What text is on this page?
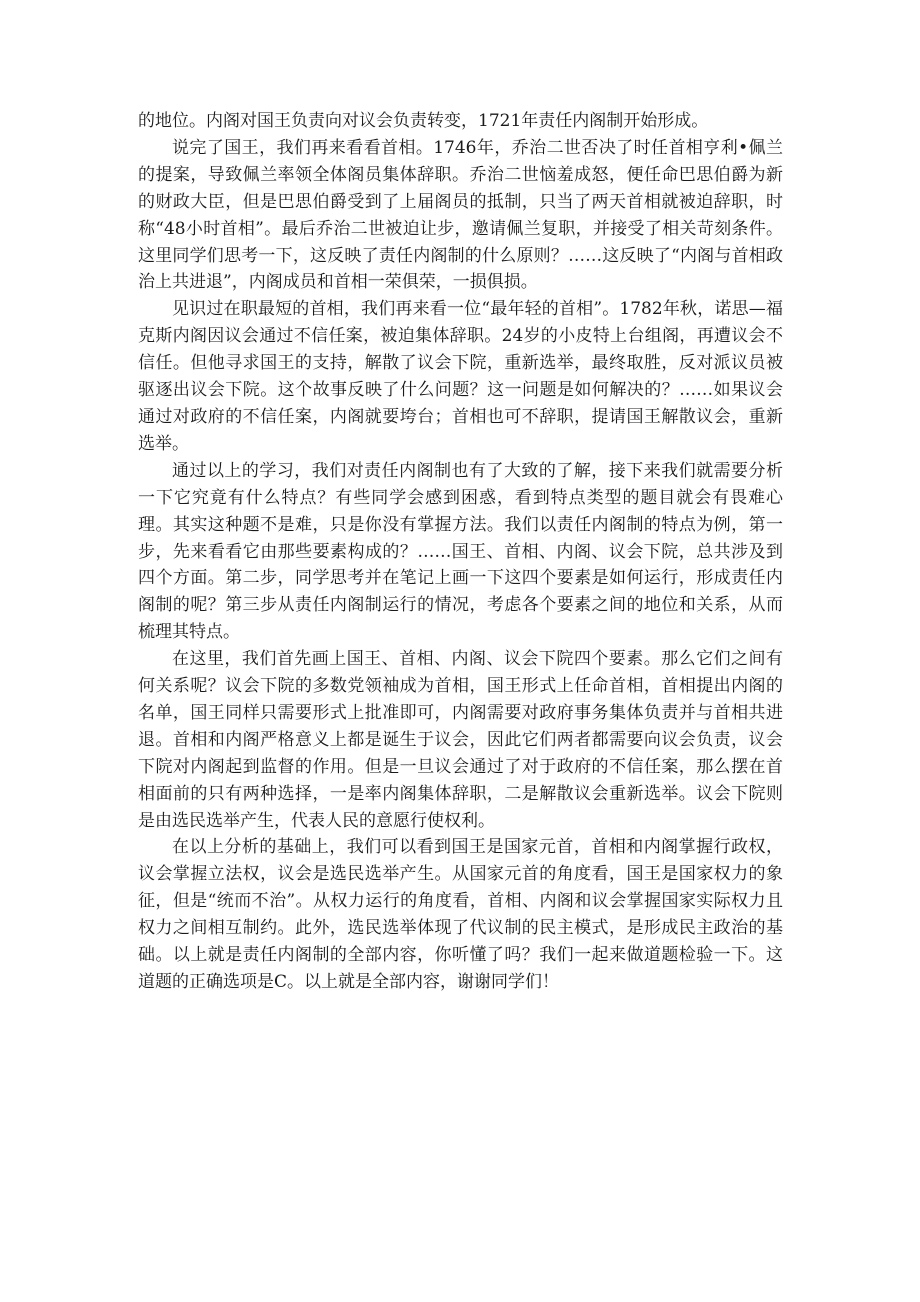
的地位。内阁对国王负责向对议会负责转变，1721年责任内阁制开始形成。

说完了国王，我们再来看看首相。1746年，乔治二世否决了时任首相亨利•佩兰的提案，导致佩兰率领全体阁员集体辞职。乔治二世恼羞成怒，便任命巴思伯爵为新的财政大臣，但是巴思伯爵受到了上届阁员的抵制，只当了两天首相就被迫辞职，时称“48小时首相”。最后乔治二世被迫让步，邀请佩兰复职，并接受了相关苛刻条件。这里同学们思考一下，这反映了责任内阁制的什么原则？……这反映了“内阁与首相政治上共进退”，内阁成员和首相一荣俱荣，一损俱损。

见识过在职最短的首相，我们再来看一位“最年轻的首相”。1782年秋，诺思—福克斯内阁因议会通过不信任案，被迫集体辞职。24岁的小皮特上台组阁，再遭议会不信任。但他寻求国王的支持，解散了议会下院，重新选举，最终取胜，反对派议员被驱逐出议会下院。这个故事反映了什么问题？这一问题是如何解决的？……如果议会通过对政府的不信任案，内阁就要垮台；首相也可不辞职，提请国王解散议会，重新选举。

通过以上的学习，我们对责任内阁制也有了大致的了解，接下来我们就需要分析一下它究竟有什么特点？有些同学会感到困惑，看到特点类型的题目就会有畏难心理。其实这种题不是难，只是你没有掌握方法。我们以责任内阁制的特点为例，第一步，先来看看它由那些要素构成的？……国王、首相、内阁、议会下院，总共涉及到四个方面。第二步，同学思考并在笔记上画一下这四个要素是如何运行，形成责任内阁制的呢？第三步从责任内阁制运行的情况，考虑各个要素之间的地位和关系，从而梳理其特点。

在这里，我们首先画上国王、首相、内阁、议会下院四个要素。那么它们之间有何关系呢？议会下院的多数党领袖成为首相，国王形式上任命首相，首相提出内阁的名单，国王同样只需要形式上批准即可，内阁需要对政府事务集体负责并与首相共进退。首相和内阁严格意义上都是诞生于议会，因此它们两者都需要向议会负责，议会下院对内阁起到监督的作用。但是一旦议会通过了对于政府的不信任案，那么摆在首相面前的只有两种选择，一是率内阁集体辞职，二是解散议会重新选举。议会下院则是由选民选举产生，代表人民的意愿行使权利。

在以上分析的基础上，我们可以看到国王是国家元首，首相和内阁掌握行政权，议会掌握立法权，议会是选民选举产生。从国家元首的角度看，国王是国家权力的象征，但是“统而不治”。从权力运行的角度看，首相、内阁和议会掌握国家实际权力且权力之间相互制约。此外，选民选举体现了代议制的民主模式，是形成民主政治的基础。以上就是责任内阁制的全部内容，你听懂了吗？我们一起来做道题检验一下。这道题的正确选项是C。以上就是全部内容，谢谢同学们！
